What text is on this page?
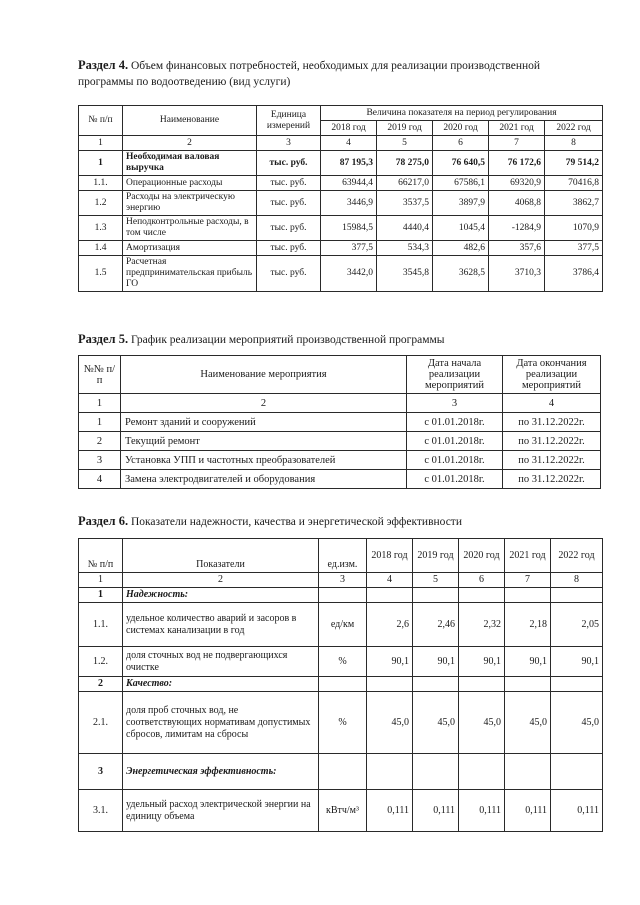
Раздел 4. Объем финансовых потребностей, необходимых для реализации производственной программы по водоотведению (вид услуги)
№ п/п	Наименование	Единица измерений	Величина показателя на период регулирования				
			2018 год	2019 год	2020 год	2021 год	2022 год
1	2	3	4	5	6	7	8
1	Необходимая валовая выручка	тыс. руб.	87 195,3	78 275,0	76 640,5	76 172,6	79 514,2
1.1.	Операционные расходы	тыс. руб.	63944,4	66217,0	67586,1	69320,9	70416,8
1.2	Расходы на электрическую энергию	тыс. руб.	3446,9	3537,5	3897,9	4068,8	3862,7
1.3	Неподконтрольные расходы, в том числе	тыс. руб.	15984,5	4440,4	1045,4	-1284,9	1070,9
1.4	Амортизация	тыс. руб.	377,5	534,3	482,6	357,6	377,5
1.5	Расчетная предпринимательская прибыль ГО	тыс. руб.	3442,0	3545,8	3628,5	3710,3	3786,4
Раздел 5. График реализации мероприятий производственной программы
№№ п/п	Наименование мероприятия	Дата начала реализации мероприятий	Дата окончания реализации мероприятий
1	2	3	4
1	Ремонт зданий и сооружений	с 01.01.2018г.	по 31.12.2022г.
2	Текущий ремонт	с 01.01.2018г.	по 31.12.2022г.
3	Установка УПП и частотных преобразователей	с 01.01.2018г.	по 31.12.2022г.
4	Замена электродвигателей и оборудования	с 01.01.2018г.	по 31.12.2022г.
Раздел 6. Показатели надежности, качества и энергетической эффективности
№ п/п	Показатели	ед.изм.	2018 год	2019 год	2020 год	2021 год	2022 год
1	2	3	4	5	6	7	8
1	Надежность:						
1.1.	удельное количество аварий и засоров в системах канализации в год	ед/км	2,6	2,46	2,32	2,18	2,05
1.2.	доля сточных вод не подвергающихся очистке	%	90,1	90,1	90,1	90,1	90,1
2	Качество:						
2.1.	доля проб сточных вод, не соответствующих нормативам допустимых сбросов, лимитам на сбросы	%	45,0	45,0	45,0	45,0	45,0
3	Энергетическая эффективность:						
3.1.	удельный расход электрической энергии на единицу объема	кВтч/м³	0,111	0,111	0,111	0,111	0,111
